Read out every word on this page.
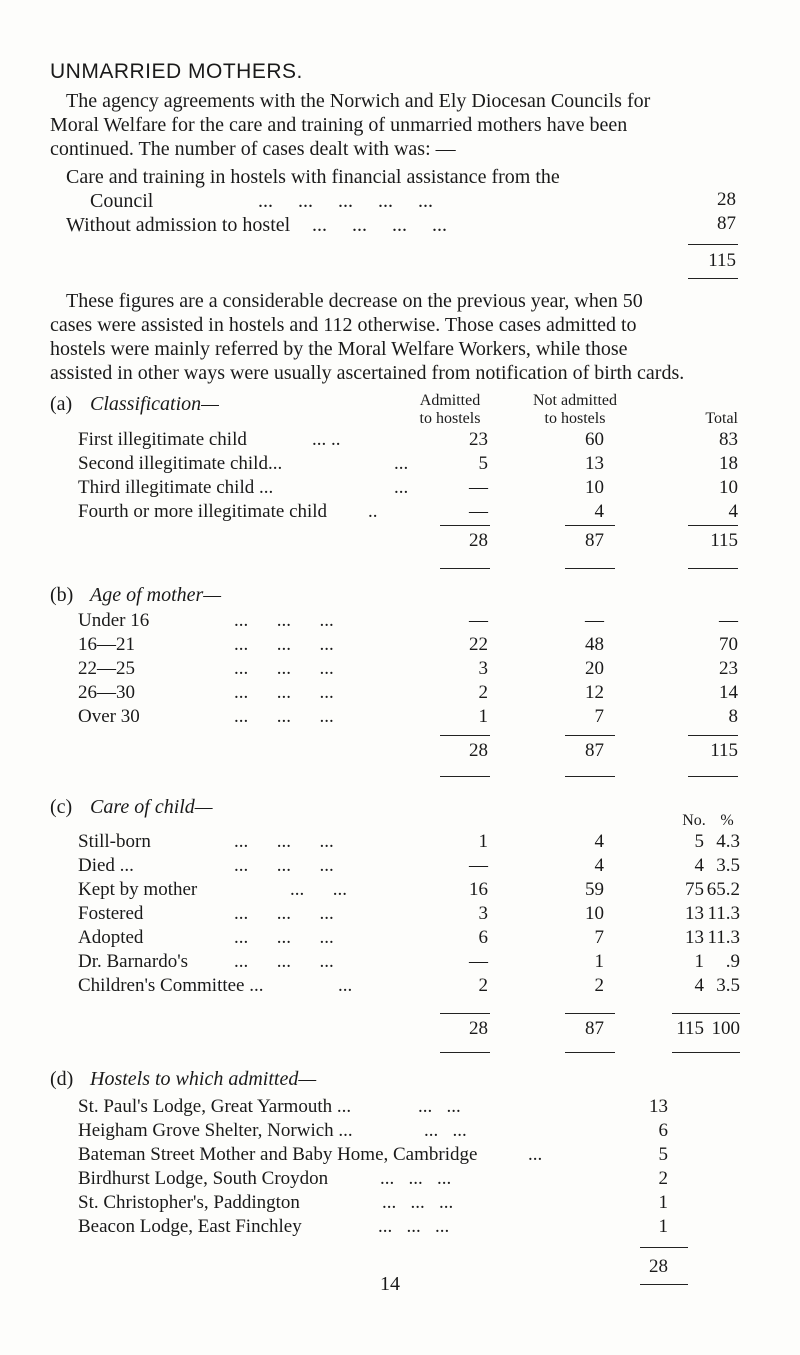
UNMARRIED MOTHERS.
The agency agreements with the Norwich and Ely Diocesan Councils for
Moral Welfare for the care and training of unmarried mothers have been
continued. The number of cases dealt with was: —
Care and training in hostels with financial assistance from the
Council	...     ...     ...     ...     ...	28
Without admission to hostel ...     ...     ...     ...	87
115
These figures are a considerable decrease on the previous year, when 50
cases were assisted in hostels and 112 otherwise. Those cases admitted to
hostels were mainly referred by the Moral Welfare Workers, while those
assisted in other ways were usually ascertained from notification of birth cards.
(a) Classification—	Admitted
to hostels
Not admitted
to hostels	Total
First illegitimate child	... ..	23	60	83
Second illegitimate child...	...	5	13	18
Third illegitimate child ...	...	—	10	10
Fourth or more illegitimate child ..	—	4	4
28	87	115
(b) Age of mother—
Under 16	...      ...      ...	—	—	—
16—21	...      ...      ...	22	48	70
22—25	...      ...      ...	3	20	23
26—30	...      ...      ...	2	12	14
Over 30	...      ...      ...	1	7	8
28	87	115
(c) Care of child—
No. %
Still-born	...      ...      ...	1	4	5 4.3
Died ...	...      ...      ...	—	4	4 3.5
Kept by mother	...      ...	16	59	75 65.2
Fostered	...      ...      ...	3	10	13 11.3
Adopted	...      ...      ...	6	7	13 11.3
Dr. Barnardo's ...      ...      ...	—	1	1	.9
Children's Committee ...	...	2	2	4 3.5
28	87	115 100
(d) Hostels to which admitted—
St. Paul's Lodge, Great Yarmouth ...	...   ...	13
Heigham Grove Shelter, Norwich ...	...   ...	6
Bateman Street Mother and Baby Home, Cambridge	...	5
Birdhurst Lodge, South Croydon	...   ...   ...	2
St. Christopher's, Paddington	...   ...   ...	1
Beacon Lodge, East Finchley	...   ...   ...	1
28
14
